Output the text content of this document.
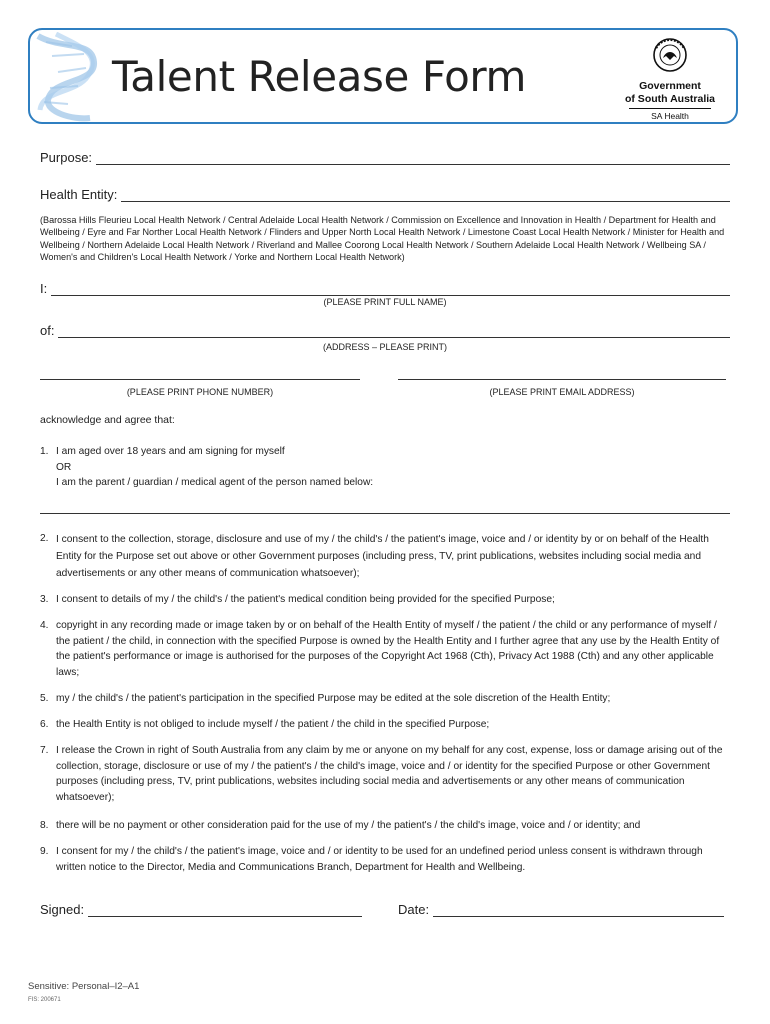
Talent Release Form	Government
of South Australia
SA Health
Purpose:
Health Entity:
(Barossa Hills Fleurieu Local Health Network / Central Adelaide Local Health Network / Commission on Excellence and Innovation in Health / Department for Health and Wellbeing / Eyre and Far Norther Local Health Network / Flinders and Upper North Local Health Network / Limestone Coast Local Health Network / Minister for Health and Wellbeing / Northern Adelaide Local Health Network / Riverland and Mallee Coorong Local Health Network / Southern Adelaide Local Health Network / Wellbeing SA / Women's and Children's Local Health Network / Yorke and Northern Local Health Network)
I:
(PLEASE PRINT FULL NAME)
of:
(ADDRESS – PLEASE PRINT)
(PLEASE PRINT PHONE NUMBER)	(PLEASE PRINT EMAIL ADDRESS)
acknowledge and agree that:
1. I am aged over 18 years and am signing for myself
OR
I am the parent / guardian / medical agent of the person named below:
2. I consent to the collection, storage, disclosure and use of my / the child's / the patient's image, voice and / or identity by or on behalf of the Health Entity for the Purpose set out above or other Government purposes (including press, TV, print publications, websites including social media and advertisements or any other means of communication whatsoever);
3. I consent to details of my / the child's / the patient's medical condition being provided for the specified Purpose;
4. copyright in any recording made or image taken by or on behalf of the Health Entity of myself / the patient / the child or any performance of myself / the patient / the child, in connection with the specified Purpose is owned by the Health Entity and I further agree that any use by the Health Entity of the patient's performance or image is authorised for the purposes of the Copyright Act 1968 (Cth), Privacy Act 1988 (Cth) and any other applicable laws;
5. my / the child's / the patient's participation in the specified Purpose may be edited at the sole discretion of the Health Entity;
6. the Health Entity is not obliged to include myself / the patient / the child in the specified Purpose;
7. I release the Crown in right of South Australia from any claim by me or anyone on my behalf for any cost, expense, loss or damage arising out of the collection, storage, disclosure or use of my / the patient's / the child's image, voice and / or identity for the specified Purpose or other Government purposes (including press, TV, print publications, websites including social media and advertisements or any other means of communication whatsoever);
8. there will be no payment or other consideration paid for the use of my / the patient's / the child's image, voice and / or identity; and
9. I consent for my / the child's / the patient's image, voice and / or identity to be used for an undefined period unless consent is withdrawn through written notice to the Director, Media and Communications Branch, Department for Health and Wellbeing.
Signed:	Date:
Sensitive: Personal–I2–A1
FIS: 200671
